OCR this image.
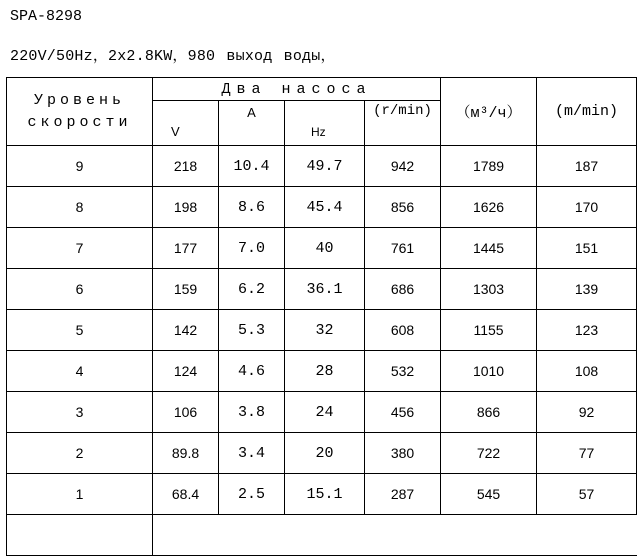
SPA-8298
220V/50Hz，2x2.8KW，980 выход воды，
Уровень
скорости	Два насоса				（м³/ч）	(m/min)

	V	A	Hz	(r/min)		

9	218	10.4	49.7	942	1789	187
8	198	8.6	45.4	856	1626	170
7	177	7.0	40	761	1445	151
6	159	6.2	36.1	686	1303	139
5	142	5.3	32	608	1155	123
4	124	4.6	28	532	1010	108
3	106	3.8	24	456	866	92
2	89.8	3.4	20	380	722	77
1	68.4	2.5	15.1	287	545	57
